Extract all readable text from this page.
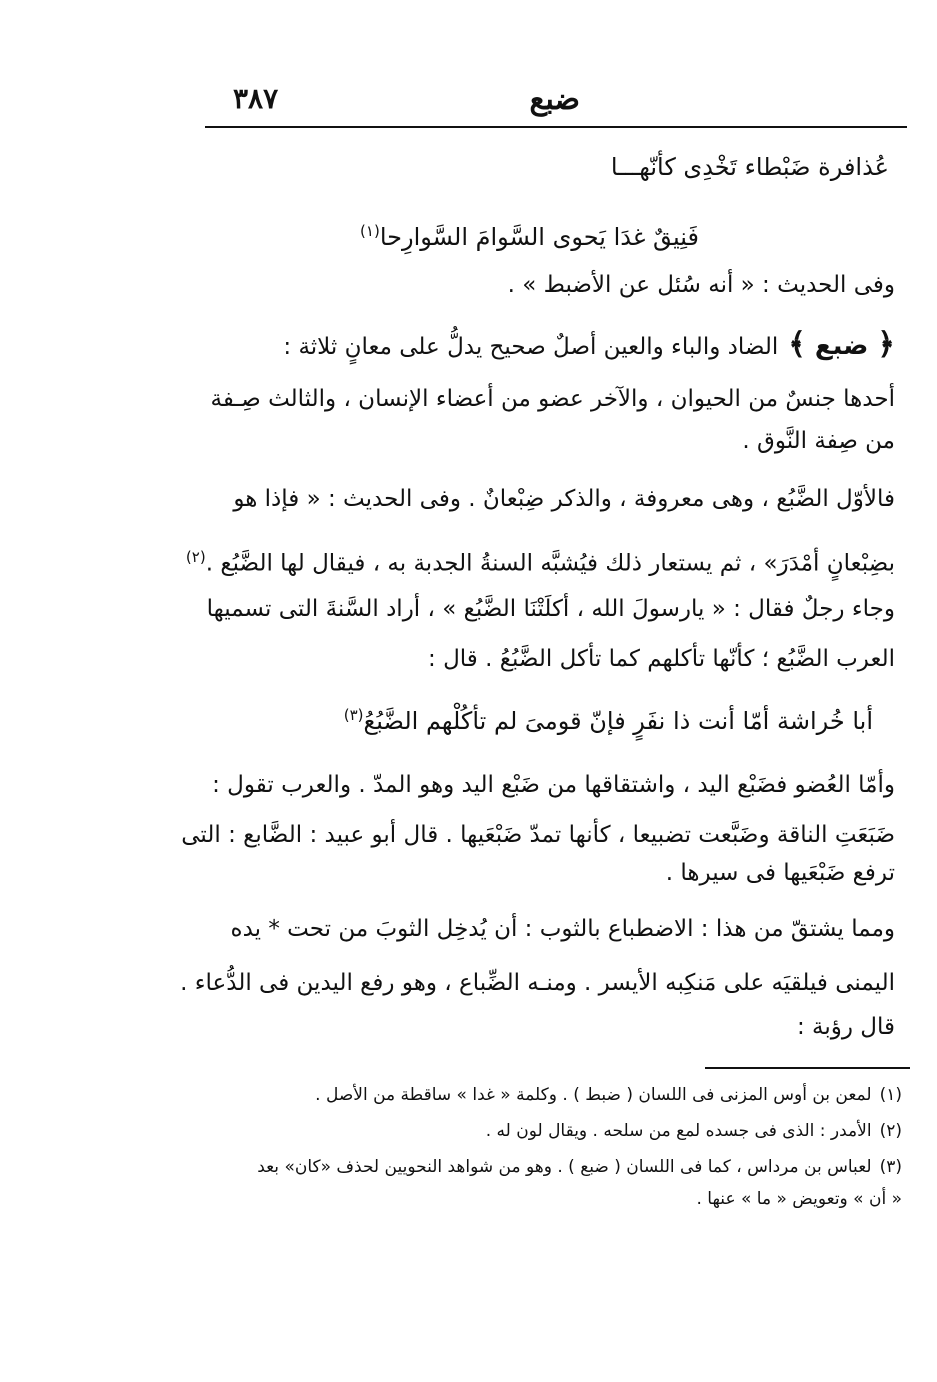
ضبع
٣٨٧
عُذافرة ضَبْطاء تَخْدِى كأنّهـــا
فَنِيقٌ غدَا يَحوى السَّوامَ السَّوارِحا$^{(١)}$
وفى الحديث : « أنه سُئل عن الأضبط » .
﴿ ضبع ﴾الضاد والباء والعين أصلٌ صحيح يدلُّ على معانٍ ثلاثة :
أحدها جنسٌ من الحيوان ، والآخر عضو من أعضاء الإنسان ، والثالث صِـفة
من صِفة النَّوق .
فالأوّل الضَّبُع ، وهى معروفة ، والذكر ضِبْعانٌ . وفى الحديث : « فإذا هو
بضِبْعانٍ أمْدَرَ» ، ثم يستعار ذلك فيُشبَّه السنةُ الجدبة به ، فيقال لها الضَّبُع .$^{(٢)}$
وجاء رجلٌ فقال : « يارسولَ الله ، أكلَتْنَا الضَّبُع » ، أراد السَّنةَ التى تسميها
العرب الضَّبُع ؛ كأنّها تأكلهم كما تأكل الضَّبُعُ . قال :
أبا خُراشة أمّا أنت ذا نفَرٍ فإنّ قومىَ لم تأكُلْهم الضَّبُعُ$^{(٣)}$
وأمّا العُضو فضَبْع اليد ، واشتقاقها من ضَبْع اليد وهو المدّ . والعرب تقول :
ضَبَعَتِ الناقة وضَبَّعت تضبيعا ، كأنها تمدّ ضَبْعَيها . قال أبو عبيد : الضَّابع : التى
ترفع ضَبْعَيها فى سيرها .
ومما يشتقّ من هذا : الاضطباع بالثوب : أن يُدخِل الثوبَ من تحت * يده
اليمنى فيلقيَه على مَنكِبه الأيسر . ومنـه الضِّباع ، وهو رفع اليدين فى الدُّعاء .
قال رؤبة :
(١)لمعن بن أوس المزنى فى اللسان ( ضبط ) . وكلمة « غدا » ساقطة من الأصل .
(٢)الأمدر : الذى فى جسده لمع من سلحه . ويقال لون له .
(٣)لعباس بن مرداس ، كما فى اللسان ( ضبع ) . وهو من شواهد النحويين لحذف «كان» بعد
« أن » وتعويض « ما » عنها .
